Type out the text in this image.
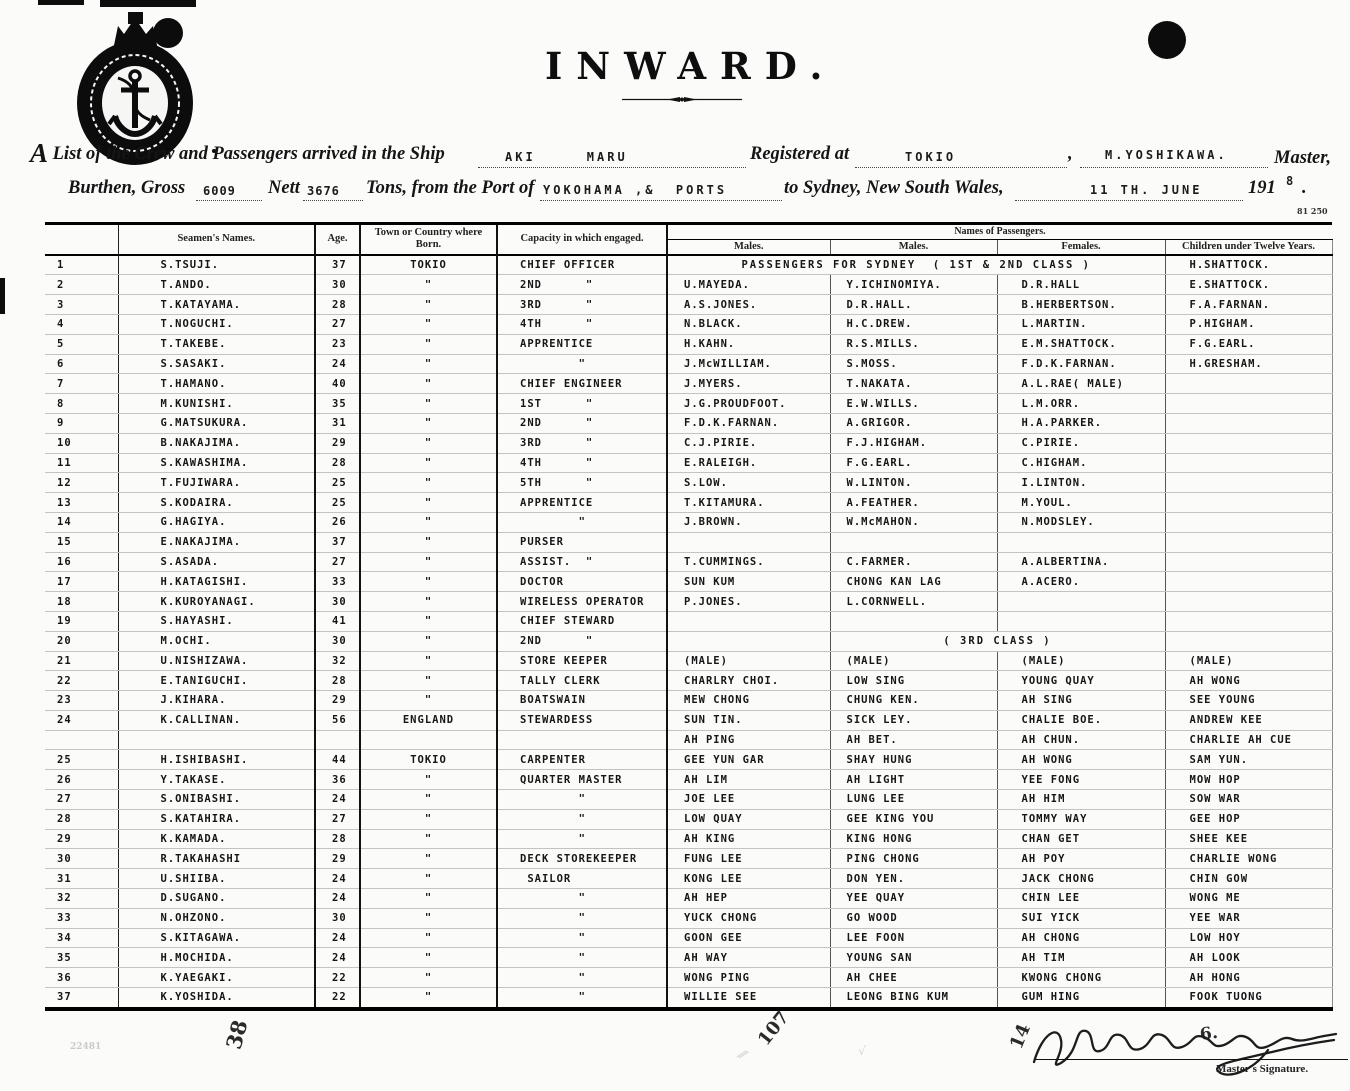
INWARD.
A List of the Crew and Passengers arrived in the Ship	AKI     MARU	Registered at	TOKIO	,	M.YOSHIKAWA.	Master,
Burthen, Gross 6009 Nett 3676 Tons, from the Port of YOKOHAMA ,&  PORTS	to Sydney, New South Wales,	11 TH. JUNE 191 8 .
81 250
	Seamen's Names.	Age.	Town or Country where Born.	Capacity in which engaged.	Names of Passengers.			
					Males.	Males.	Females.	Children under Twelve Years.
1	S.TSUJI.	37	TOKIO	CHIEF OFFICER	PASSENGERS FOR SYDNEY  ( 1ST & 2ND CLASS )			H.SHATTOCK.
2	T.ANDO.	30	"	2ND      "	U.MAYEDA.	Y.ICHINOMIYA.	D.R.HALL	E.SHATTOCK.
3	T.KATAYAMA.	28	"	3RD      "	A.S.JONES.	D.R.HALL.	B.HERBERTSON.	F.A.FARNAN.
4	T.NOGUCHI.	27	"	4TH      "	N.BLACK.	H.C.DREW.	L.MARTIN.	P.HIGHAM.
5	T.TAKEBE.	23	"	APPRENTICE	H.KAHN.	R.S.MILLS.	E.M.SHATTOCK.	F.G.EARL.
6	S.SASAKI.	24	"	"	J.McWILLIAM.	S.MOSS.	F.D.K.FARNAN.	H.GRESHAM.
7	T.HAMANO.	40	"	CHIEF ENGINEER	J.MYERS.	T.NAKATA.	A.L.RAE( MALE)	
8	M.KUNISHI.	35	"	1ST      "	J.G.PROUDFOOT.	E.W.WILLS.	L.M.ORR.	
9	G.MATSUKURA.	31	"	2ND      "	F.D.K.FARNAN.	A.GRIGOR.	H.A.PARKER.	
10	B.NAKAJIMA.	29	"	3RD      "	C.J.PIRIE.	F.J.HIGHAM.	C.PIRIE.	
11	S.KAWASHIMA.	28	"	4TH      "	E.RALEIGH.	F.G.EARL.	C.HIGHAM.	
12	T.FUJIWARA.	25	"	5TH      "	S.LOW.	W.LINTON.	I.LINTON.	
13	S.KODAIRA.	25	"	APPRENTICE	T.KITAMURA.	A.FEATHER.	M.YOUL.	
14	G.HAGIYA.	26	"	"	J.BROWN.	W.McMAHON.	N.MODSLEY.	
15	E.NAKAJIMA.	37	"	PURSER				
16	S.ASADA.	27	"	ASSIST.  "	T.CUMMINGS.	C.FARMER.	A.ALBERTINA.	
17	H.KATAGISHI.	33	"	DOCTOR	SUN KUM	CHONG KAN LAG	A.ACERO.	
18	K.KUROYANAGI.	30	"	WIRELESS OPERATOR	P.JONES.	L.CORNWELL.		
19	S.HAYASHI.	41	"	CHIEF STEWARD				
20	M.OCHI.	30	"	2ND      "		( 3RD CLASS )		
21	U.NISHIZAWA.	32	"	STORE KEEPER	(MALE)	(MALE)	(MALE)	(MALE)
22	E.TANIGUCHI.	28	"	TALLY CLERK	CHARLRY CHOI.	LOW SING	YOUNG QUAY	AH WONG
23	J.KIHARA.	29	"	BOATSWAIN	MEW CHONG	CHUNG KEN.	AH SING	SEE YOUNG
24	K.CALLINAN.	56	ENGLAND	STEWARDESS	SUN TIN.	SICK LEY.	CHALIE BOE.	ANDREW KEE
					AH PING	AH BET.	AH CHUN.	CHARLIE AH CUE
25	H.ISHIBASHI.	44	TOKIO	CARPENTER	GEE YUN GAR	SHAY HUNG	AH WONG	SAM YUN.
26	Y.TAKASE.	36	"	QUARTER MASTER	AH LIM	AH LIGHT	YEE FONG	MOW HOP
27	S.ONIBASHI.	24	"	"	JOE LEE	LUNG LEE	AH HIM	SOW WAR
28	S.KATAHIRA.	27	"	"	LOW QUAY	GEE KING YOU	TOMMY WAY	GEE HOP
29	K.KAMADA.	28	"	"	AH KING	KING HONG	CHAN GET	SHEE KEE
30	R.TAKAHASHI	29	"	DECK STOREKEEPER	FUNG LEE	PING CHONG	AH POY	CHARLIE WONG
31	U.SHIIBA.	24	"	SAILOR	KONG LEE	DON YEN.	JACK CHONG	CHIN GOW
32	D.SUGANO.	24	"	"	AH HEP	YEE QUAY	CHIN LEE	WONG ME
33	N.OHZONO.	30	"	"	YUCK CHONG	GO WOOD	SUI YICK	YEE WAR
34	S.KITAGAWA.	24	"	"	GOON GEE	LEE FOON	AH CHONG	LOW HOY
35	H.MOCHIDA.	24	"	"	AH WAY	YOUNG SAN	AH TIM	AH LOOK
36	K.YAEGAKI.	22	"	"	WONG PING	AH CHEE	KWONG CHONG	AH HONG
37	K.YOSHIDA.	22	"	"	WILLIE SEE	LEONG BING KUM	GUM HING	FOOK TUONG
38	107
⁄⁄	√	14	6.
22481
Master's Signature.
